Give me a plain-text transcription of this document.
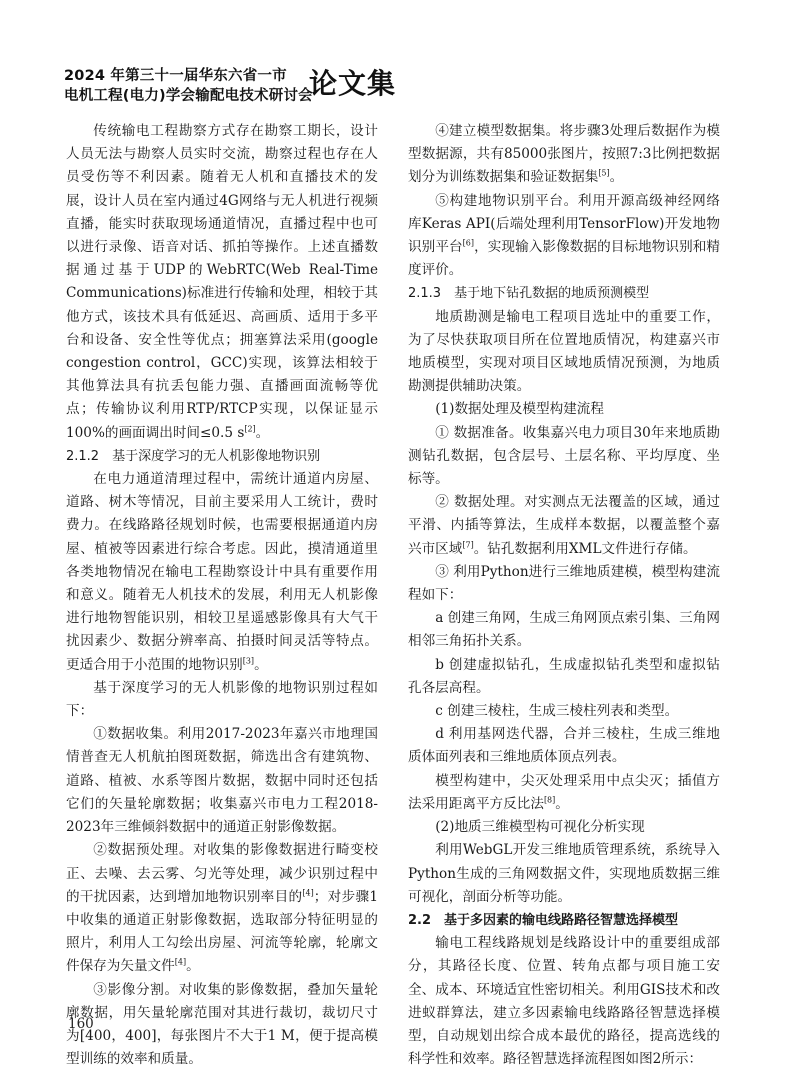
2024 年第三十一届华东六省一市
电机工程(电力)学会输配电技术研讨会
论文集

传统输电工程勘察方式存在勘察工期长，设计人员无法与勘察人员实时交流，勘察过程也存在人员受伤等不利因素。随着无人机和直播技术的发展，设计人员在室内通过4G网络与无人机进行视频直播，能实时获取现场通道情况，直播过程中也可以进行录像、语音对话、抓拍等操作。上述直播数据通过基于UDP的WebRTC(Web Real-Time Communications)标准进行传输和处理，相较于其他方式，该技术具有低延迟、高画质、适用于多平台和设备、安全性等优点；拥塞算法采用(google congestion control，GCC)实现，该算法相较于其他算法具有抗丢包能力强、直播画面流畅等优点；传输协议利用RTP/RTCP实现，以保证显示100%的画面调出时间≤0.5 s[2]。

2.1.2　基于深度学习的无人机影像地物识别

在电力通道清理过程中，需统计通道内房屋、道路、树木等情况，目前主要采用人工统计，费时费力。在线路路径规划时候，也需要根据通道内房屋、植被等因素进行综合考虑。因此，摸清通道里各类地物情况在输电工程勘察设计中具有重要作用和意义。随着无人机技术的发展，利用无人机影像进行地物智能识别，相较卫星遥感影像具有大气干扰因素少、数据分辨率高、拍摄时间灵活等特点。更适合用于小范围的地物识别[3]。

基于深度学习的无人机影像的地物识别过程如下：

①数据收集。利用2017-2023年嘉兴市地理国情普查无人机航拍图斑数据，筛选出含有建筑物、道路、植被、水系等图片数据，数据中同时还包括它们的矢量轮廓数据；收集嘉兴市电力工程2018-2023年三维倾斜数据中的通道正射影像数据。

②数据预处理。对收集的影像数据进行畸变校正、去噪、去云雾、匀光等处理，减少识别过程中的干扰因素，达到增加地物识别率目的[4]；对步骤1中收集的通道正射影像数据，选取部分特征明显的照片，利用人工勾绘出房屋、河流等轮廓，轮廓文件保存为矢量文件[4]。

③影像分割。对收集的影像数据，叠加矢量轮廓数据，用矢量轮廓范围对其进行裁切，裁切尺寸为[400，400]，每张图片不大于1 M，便于提高模型训练的效率和质量。

④建立模型数据集。将步骤3处理后数据作为模型数据源，共有85000张图片，按照7:3比例把数据划分为训练数据集和验证数据集[5]。

⑤构建地物识别平台。利用开源高级神经网络库Keras API(后端处理利用TensorFlow)开发地物识别平台[6]，实现输入影像数据的目标地物识别和精度评价。

2.1.3　基于地下钻孔数据的地质预测模型

地质勘测是输电工程项目选址中的重要工作，为了尽快获取项目所在位置地质情况，构建嘉兴市地质模型，实现对项目区域地质情况预测，为地质勘测提供辅助决策。

(1)数据处理及模型构建流程

① 数据准备。收集嘉兴电力项目30年来地质勘测钻孔数据，包含层号、土层名称、平均厚度、坐标等。

② 数据处理。对实测点无法覆盖的区域，通过平滑、内插等算法，生成样本数据，以覆盖整个嘉兴市区域[7]。钻孔数据利用XML文件进行存储。

③ 利用Python进行三维地质建模，模型构建流程如下：

a 创建三角网，生成三角网顶点索引集、三角网相邻三角拓扑关系。

b 创建虚拟钻孔，生成虚拟钻孔类型和虚拟钻孔各层高程。

c 创建三棱柱，生成三棱柱列表和类型。

d 利用基网迭代器，合并三棱柱，生成三维地质体面列表和三维地质体顶点列表。

模型构建中，尖灭处理采用中点尖灭；插值方法采用距离平方反比法[8]。

(2)地质三维模型构可视化分析实现

利用WebGL开发三维地质管理系统，系统导入Python生成的三角网数据文件，实现地质数据三维可视化，剖面分析等功能。

2.2　基于多因素的输电线路路径智慧选择模型

输电工程线路规划是线路设计中的重要组成部分，其路径长度、位置、转角点都与项目施工安全、成本、环境适宜性密切相关。利用GIS技术和改进蚁群算法，建立多因素输电线路路径智慧选择模型，自动规划出综合成本最优的路径，提高选线的科学性和效率。路径智慧选择流程图如图2所示：

160
